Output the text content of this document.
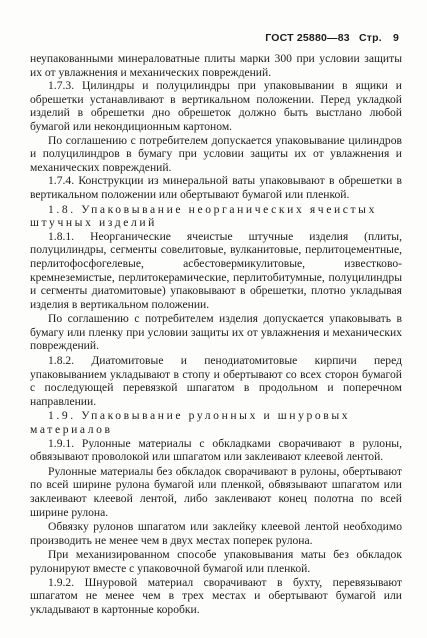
ГОСТ 25880—83 Стр. 9

неупакованными минераловатные плиты марки 300 при условии защиты их от увлажнения и механических повреждений.

1.7.3. Цилиндры и полуцилиндры при упаковывании в ящики и обрешетки устанавливают в вертикальном положении. Перед укладкой изделий в обрешетки дно обрешеток должно быть выстлано любой бумагой или некондиционным картоном.

По соглашению с потребителем допускается упаковывание цилиндров и полуцилиндров в бумагу при условии защиты их от увлажнения и механических повреждений.

1.7.4. Конструкции из минеральной ваты упаковывают в обрешетки в вертикальном положении или обертывают бумагой или пленкой.

1.8. Упаковывание неорганических ячеистых штучных изделий

1.8.1. Неорганические ячеистые штучные изделия (плиты, полуцилиндры, сегменты совелитовые, вулканитовые, перлитоцементные, перлитофосфогелевые, асбестовермикулитовые, известково-кремнеземистые, перлитокерамические, перлитобитумные, полуцилиндры и сегменты диатомитовые) упаковывают в обрешетки, плотно укладывая изделия в вертикальном положении.

По соглашению с потребителем изделия допускается упаковывать в бумагу или пленку при условии защиты их от увлажнения и механических повреждений.

1.8.2. Диатомитовые и пенодиатомитовые кирпичи перед упаковыванием укладывают в стопу и обертывают со всех сторон бумагой с последующей перевязкой шпагатом в продольном и поперечном направлении.

1.9. Упаковывание рулонных и шнуровых материалов

1.9.1. Рулонные материалы с обкладками сворачивают в рулоны, обвязывают проволокой или шпагатом или заклеивают клеевой лентой.

Рулонные материалы без обкладок сворачивают в рулоны, обертывают по всей ширине рулона бумагой или пленкой, обвязывают шпагатом или заклеивают клеевой лентой, либо заклеивают конец полотна по всей ширине рулона.

Обвязку рулонов шпагатом или заклейку клеевой лентой необходимо производить не менее чем в двух местах поперек рулона.

При механизированном способе упаковывания маты без обкладок рулонируют вместе с упаковочной бумагой или пленкой.

1.9.2. Шнуровой материал сворачивают в бухту, перевязывают шпагатом не менее чем в трех местах и обертывают бумагой или укладывают в картонные коробки.
